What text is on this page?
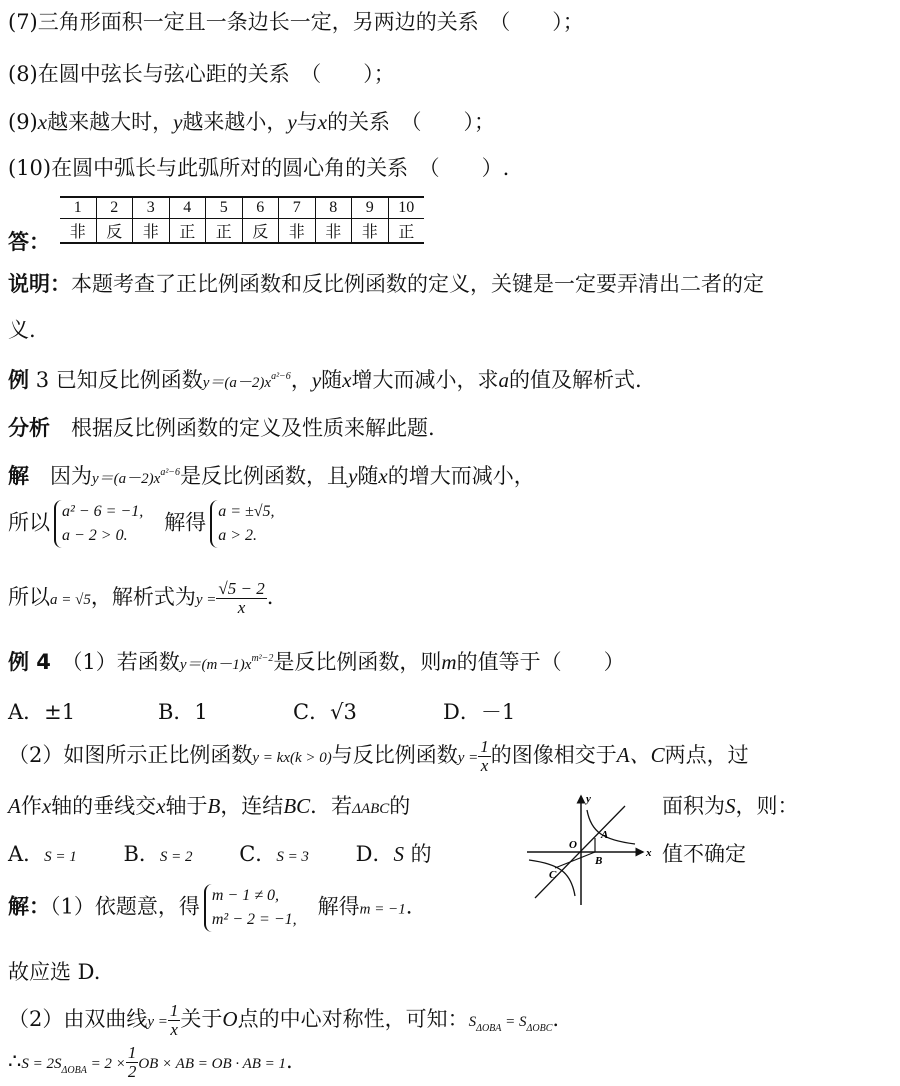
(7)三角形面积一定且一条边长一定，另两边的关系　（　　）；
(8)在圆中弦长与弦心距的关系　（　　）；
(9)x越来越大时，y越来越小，y与x的关系　（　　）；
(10)在圆中弧长与此弧所对的圆心角的关系　（　　）.
答：
1	2	3	4	5	6	7	8	9	10
非	反	非	正	正	反	非	非	非	正
说明：本题考查了正比例函数和反比例函数的定义，关键是一定要弄清出二者的定
义.
例 3 已知反比例函数$y=(a-2)x^{a^2-6}$，y随x增大而减小，求a的值及解析式.
分析　 根据反比例函数的定义及性质来解此题.
解　 因为$y=(a-2)x^{a^2-6}$是反比例函数，且y随x的增大而减小，
所以 a² − 6 = −1,
a − 2 > 0.　解得 a = ±√5,
a > 2.
所以a = √5，解析式为$y = \frac{√5 - 2}{x}$ .
例 4　 （1）若函数$y=(m-1)x^{m^2-2}$是反比例函数，则m的值等于（　　）
A．±1	B．1	C．√3	D．－1
（2）如图所示正比例函数y = kx(k > 0)与反比例函数$y = \frac{1}{x}$ 的图像相交于A、C两点，过
A作x轴的垂线交x轴于B，连结BC．若ΔABC的	面积为S，则：
A．S = 1 B．S = 2 C．S = 3 D．S 的	值不确定
y
x
O
A
B
C
解：（1）依题意，得 m − 1 ≠ 0,
m² − 2 = −1,　解得m = −1.
故应选 D.
（2）由双曲线$y = \frac{1}{x}$ 关于O点的中心对称性，可知：$S_{\Delta OBA} = S_{\Delta OBC}$.
∴S = $2S_{\Delta OBA} = 2 \times \frac{1}{2}$ OB × AB = OB · AB = 1.
